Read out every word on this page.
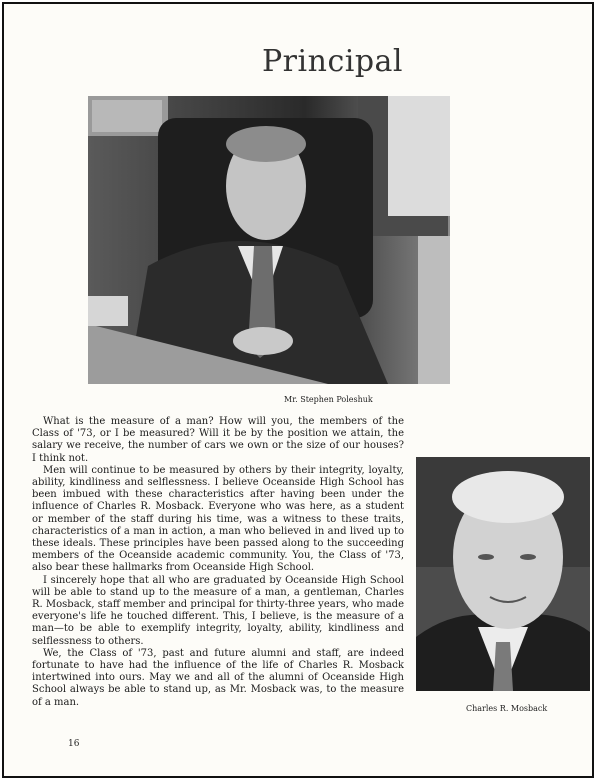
Principal
Mr. Stephen Poleshuk
Charles R. Mosback

What is the measure of a man? How will you, the members of the Class of '73, or I be measured? Will it be by the position we attain, the salary we receive, the number of cars we own or the size of our houses? I think not.

Men will continue to be measured by others by their integrity, loyalty, ability, kindliness and selflessness. I believe Oceanside High School has been imbued with these characteristics after having been under the influence of Charles R. Mosback. Everyone who was here, as a student or member of the staff during his time, was a witness to these traits, characteristics of a man in action, a man who believed in and lived up to these ideals. These principles have been passed along to the succeeding members of the Oceanside academic community. You, the Class of '73, also bear these hallmarks from Oceanside High School.

I sincerely hope that all who are graduated by Oceanside High School will be able to stand up to the measure of a man, a gentleman, Charles R. Mosback, staff member and principal for thirty-three years, who made everyone's life he touched different. This, I believe, is the measure of a man—to be able to exemplify integrity, loyalty, ability, kindliness and selflessness to others.

We, the Class of '73, past and future alumni and staff, are indeed fortunate to have had the influence of the life of Charles R. Mosback intertwined into ours. May we and all of the alumni of Oceanside High School always be able to stand up, as Mr. Mosback was, to the measure of a man.

16
